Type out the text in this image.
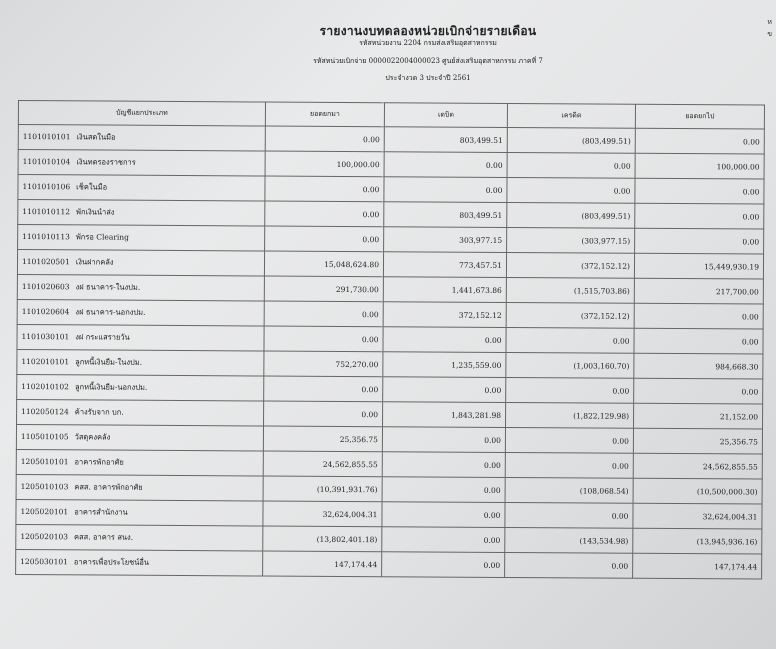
รายงานงบทดลองหน่วยเบิกจ่ายรายเดือน
รหัสหน่วยงาน 2204 กรมส่งเสริมอุตสาหกรรม
รหัสหน่วยเบิกจ่าย 0000022004000023 ศูนย์ส่งเสริมอุตสาหกรรม ภาคที่ 7
ประจำงวด 3 ประจำปี 2561
ห
ข
บัญชีแยกประเภท	ยอดยกมา	เดบิต	เครดิต	ยอดยกไป
1101010101 เงินสดในมือ	0.00	803,499.51	(803,499.51)	0.00
1101010104 เงินทดรองราชการ	100,000.00	0.00	0.00	100,000.00
1101010106 เช็คในมือ	0.00	0.00	0.00	0.00
1101010112 พักเงินนำส่ง	0.00	803,499.51	(803,499.51)	0.00
1101010113 พักรอ Clearing	0.00	303,977.15	(303,977.15)	0.00
1101020501 เงินฝากคลัง	15,048,624.80	773,457.51	(372,152.12)	15,449,930.19
1101020603 งฝ ธนาคาร-ในงปม.	291,730.00	1,441,673.86	(1,515,703.86)	217,700.00
1101020604 งฝ ธนาคาร-นอกงปม.	0.00	372,152.12	(372,152.12)	0.00
1101030101 งฝ กระแสรายวัน	0.00	0.00	0.00	0.00
1102010101 ลูกหนี้เงินยืม-ในงปม.	752,270.00	1,235,559.00	(1,003,160.70)	984,668.30
1102010102 ลูกหนี้เงินยืม-นอกงปม.	0.00	0.00	0.00	0.00
1102050124 ค้างรับจาก บก.	0.00	1,843,281.98	(1,822,129.98)	21,152.00
1105010105 วัสดุคงคลัง	25,356.75	0.00	0.00	25,356.75
1205010101 อาคารพักอาศัย	24,562,855.55	0.00	0.00	24,562,855.55
1205010103 คสส. อาคารพักอาศัย	(10,391,931.76)	0.00	(108,068.54)	(10,500,000.30)
1205020101 อาคารสำนักงาน	32,624,004.31	0.00	0.00	32,624,004.31
1205020103 คสส. อาคาร สนง.	(13,802,401.18)	0.00	(143,534.98)	(13,945,936.16)
1205030101 อาคารเพื่อประโยชน์อื่น	147,174.44	0.00	0.00	147,174.44
